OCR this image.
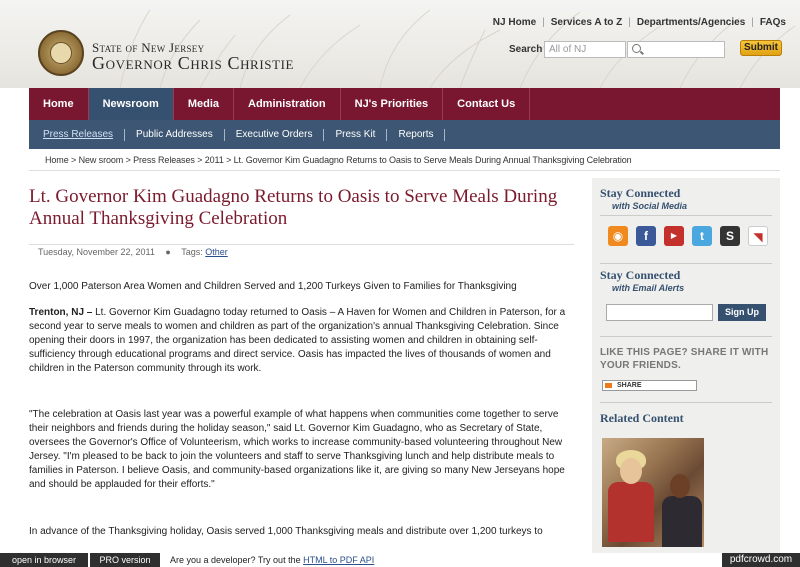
State of New Jersey
Governor Chris Christie
NJ Home | Services A to Z | Departments/Agencies | FAQs
Search All of NJ	Submit
Home	Newsroom	Media	Administration	NJ's Priorities	Contact Us
Press Releases	Public Addresses	Executive Orders	Press Kit	Reports
Home > New sroom > Press Releases > 2011 > Lt. Governor Kim Guadagno Returns to Oasis to Serve Meals During Annual Thanksgiving Celebration
Lt. Governor Kim Guadagno Returns to Oasis to Serve Meals During Annual Thanksgiving Celebration
Tuesday, November 22, 2011 ● Tags: Other
Over 1,000 Paterson Area Women and Children Served and 1,200 Turkeys Given to Families for Thanksgiving
Trenton, NJ – Lt. Governor Kim Guadagno today returned to Oasis – A Haven for Women and Children in Paterson, for a second year to serve meals to women and children as part of the organization's annual Thanksgiving Celebration. Since opening their doors in 1997, the organization has been dedicated to assisting women and children in obtaining self-sufficiency through educational programs and direct service. Oasis has impacted the lives of thousands of women and children in the Paterson community through its work.
"The celebration at Oasis last year was a powerful example of what happens when communities come together to serve their neighbors and friends during the holiday season," said Lt. Governor Kim Guadagno, who as Secretary of State, oversees the Governor's Office of Volunteerism, which works to increase community-based volunteering throughout New Jersey. "I'm pleased to be back to join the volunteers and staff to serve Thanksgiving lunch and help distribute meals to families in Paterson. I believe Oasis, and community-based organizations like it, are giving so many New Jerseyans hope and should be applauded for their efforts."
In advance of the Thanksgiving holiday, Oasis served 1,000 Thanksgiving meals and distribute over 1,200 turkeys to
Stay Connected
with Social Media
◉	f	▶	t	S	◥
Stay Connected
with Email Alerts
Sign Up
LIKE THIS PAGE? SHARE IT WITH YOUR FRIENDS.
SHARE
Related Content
open in browser	PRO version	Are you a developer? Try out the HTML to PDF API	pdfcrowd.com
